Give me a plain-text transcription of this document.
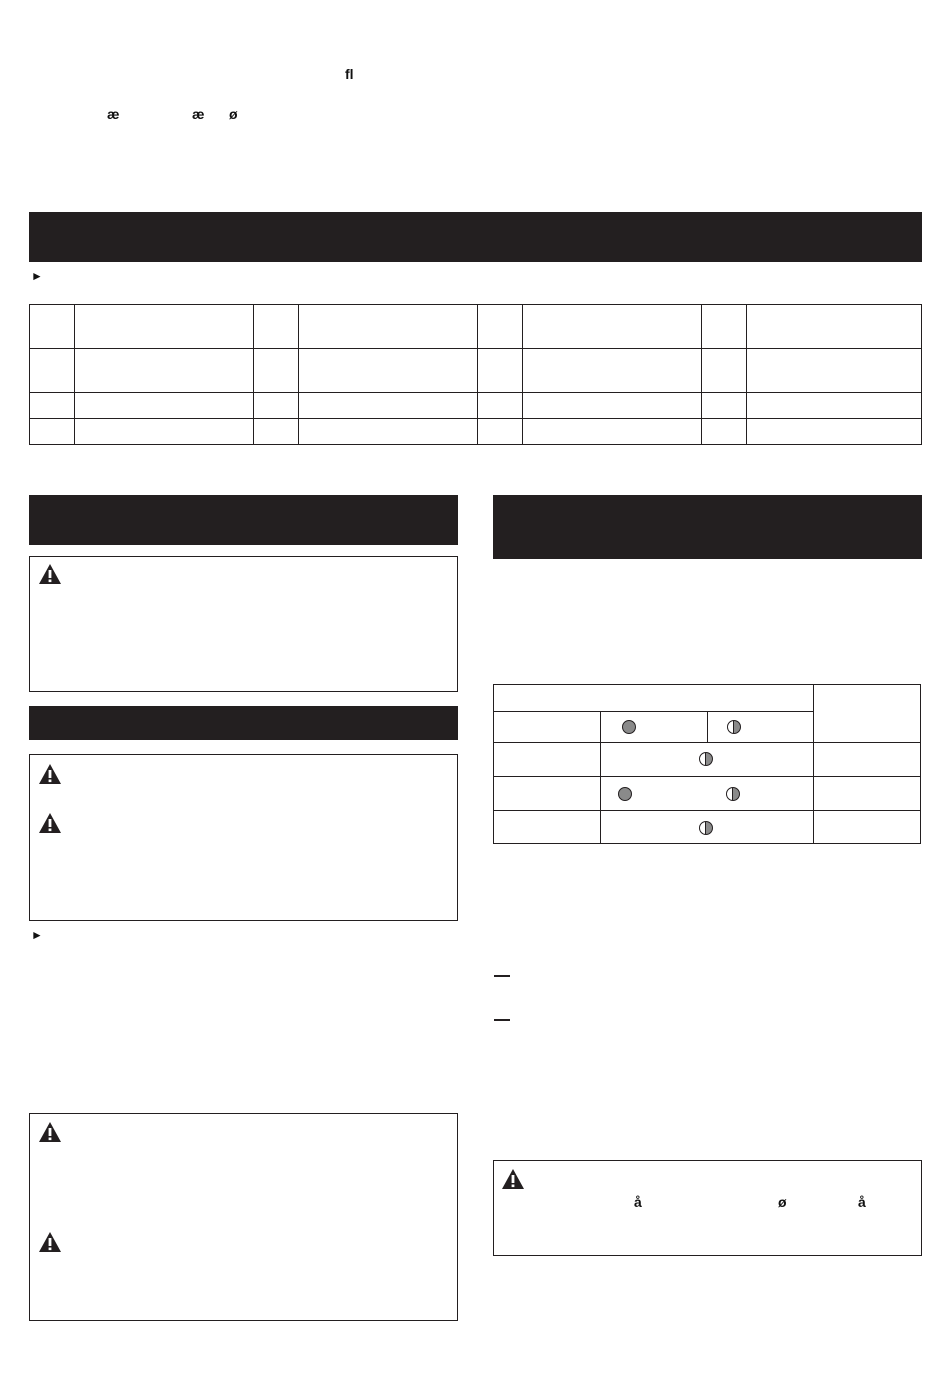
fl
æ	æ ø
►

►
å	ø	å
